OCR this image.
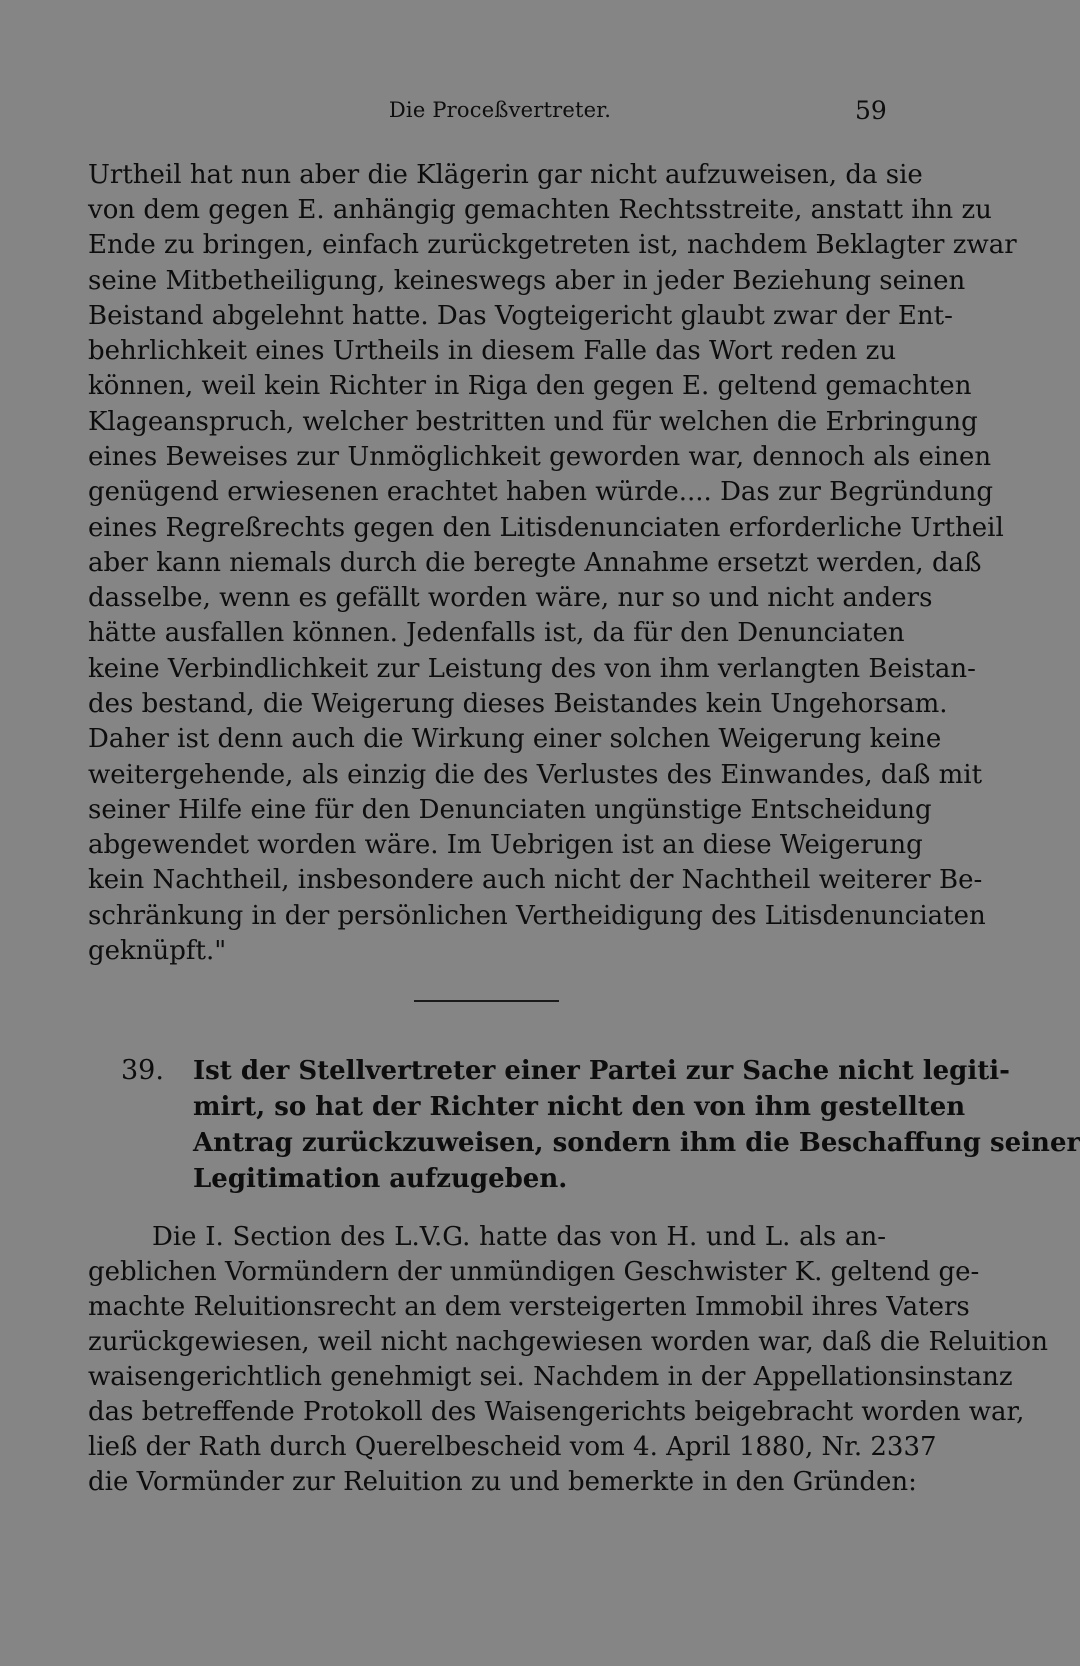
Die Proceßvertreter.	59
Urtheil hat nun aber die Klägerin gar nicht aufzuweisen, da sie
von dem gegen E. anhängig gemachten Rechtsstreite, anstatt ihn zu
Ende zu bringen, einfach zurückgetreten ist, nachdem Beklagter zwar
seine Mitbetheiligung, keineswegs aber in jeder Beziehung seinen
Beistand abgelehnt hatte. Das Vogteigericht glaubt zwar der Ent-
behrlichkeit eines Urtheils in diesem Falle das Wort reden zu
können, weil kein Richter in Riga den gegen E. geltend gemachten
Klageanspruch, welcher bestritten und für welchen die Erbringung
eines Beweises zur Unmöglichkeit geworden war, dennoch als einen
genügend erwiesenen erachtet haben würde.... Das zur Begründung
eines Regreßrechts gegen den Litisdenunciaten erforderliche Urtheil
aber kann niemals durch die beregte Annahme ersetzt werden, daß
dasselbe, wenn es gefällt worden wäre, nur so und nicht anders
hätte ausfallen können. Jedenfalls ist, da für den Denunciaten
keine Verbindlichkeit zur Leistung des von ihm verlangten Beistan-
des bestand, die Weigerung dieses Beistandes kein Ungehorsam.
Daher ist denn auch die Wirkung einer solchen Weigerung keine
weitergehende, als einzig die des Verlustes des Einwandes, daß mit
seiner Hilfe eine für den Denunciaten ungünstige Entscheidung
abgewendet worden wäre. Im Uebrigen ist an diese Weigerung
kein Nachtheil, insbesondere auch nicht der Nachtheil weiterer Be-
schränkung in der persönlichen Vertheidigung des Litisdenunciaten
geknüpft."
39. Ist der Stellvertreter einer Partei zur Sache nicht legiti-
mirt, so hat der Richter nicht den von ihm gestellten
Antrag zurückzuweisen, sondern ihm die Beschaffung seiner
Legitimation aufzugeben.
Die I. Section des L.V.G. hatte das von H. und L. als an-
geblichen Vormündern der unmündigen Geschwister K. geltend ge-
machte Reluitionsrecht an dem versteigerten Immobil ihres Vaters
zurückgewiesen, weil nicht nachgewiesen worden war, daß die Reluition
waisengerichtlich genehmigt sei. Nachdem in der Appellationsinstanz
das betreffende Protokoll des Waisengerichts beigebracht worden war,
ließ der Rath durch Querelbescheid vom 4. April 1880, Nr. 2337
die Vormünder zur Reluition zu und bemerkte in den Gründen:
